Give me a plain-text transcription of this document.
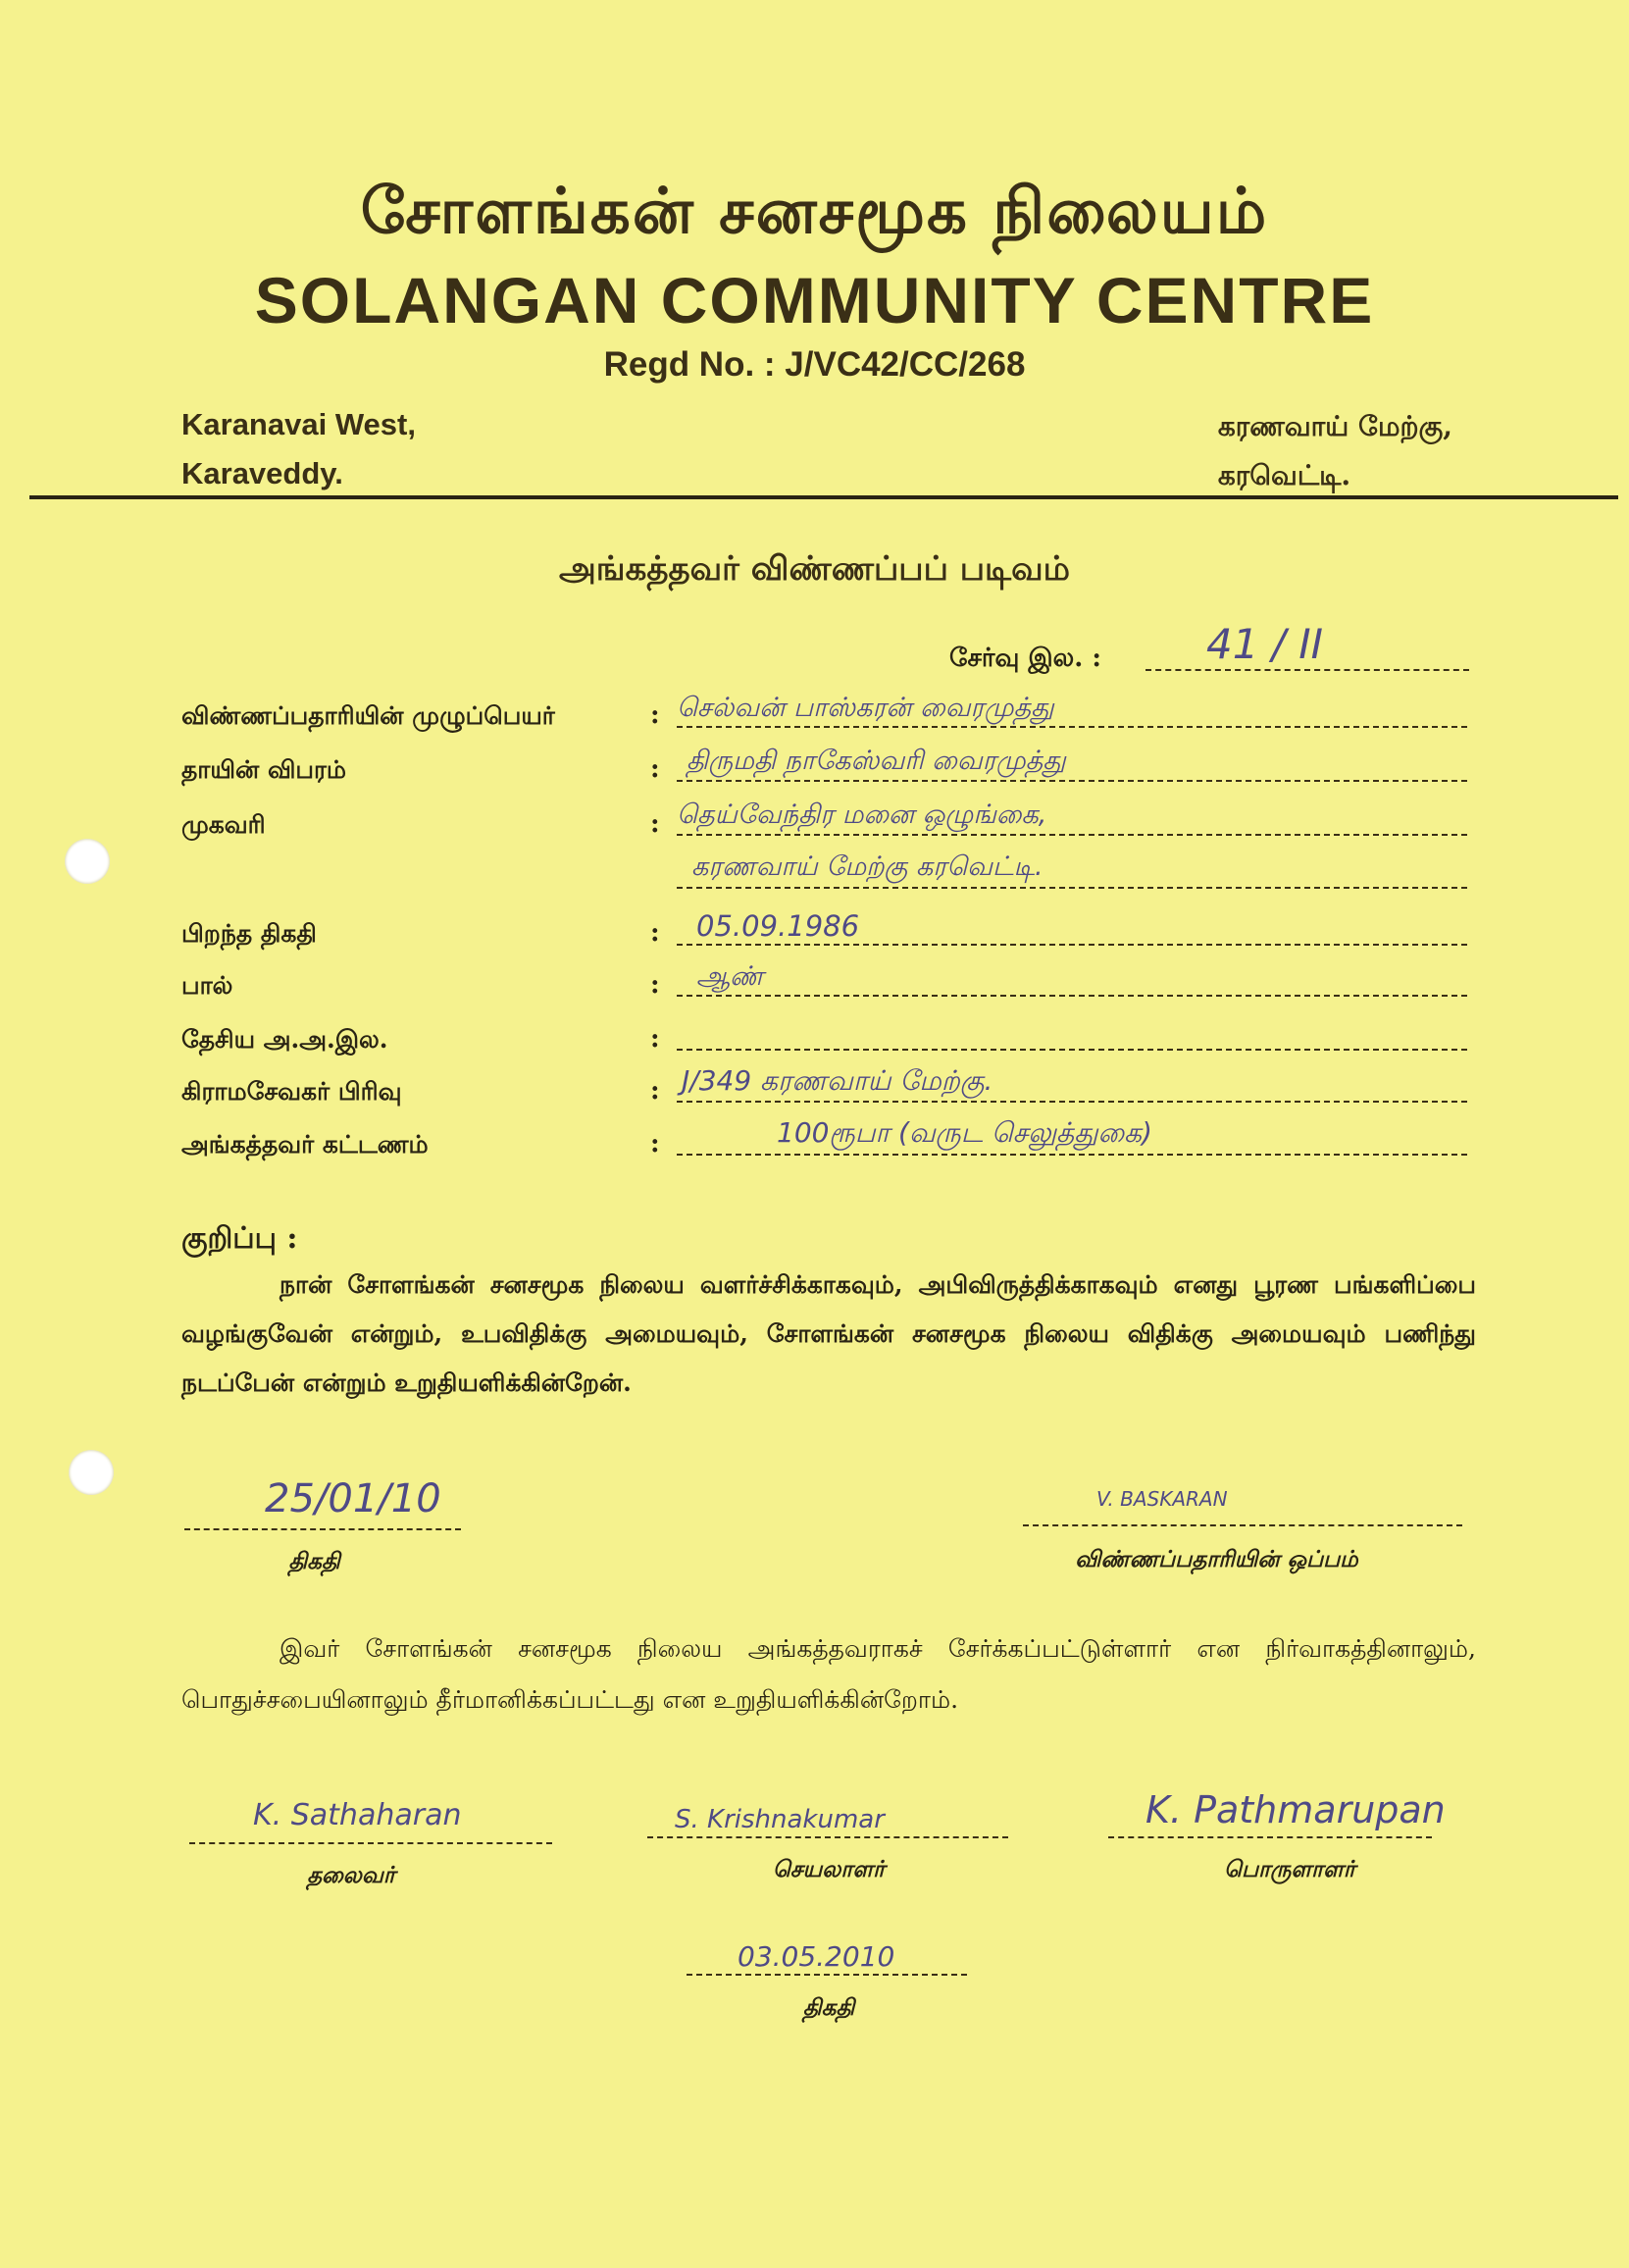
சோளங்கன் சனசமூக நிலையம்
SOLANGAN COMMUNITY CENTRE
Regd No. : J/VC42/CC/268
Karanavai West,
Karaveddy.
கரணவாய் மேற்கு,
கரவெட்டி.
அங்கத்தவர் விண்ணப்பப் படிவம்
சேர்வு இல. :	41 / II
விண்ணப்பதாரியின் முழுப்பெயர்	: செல்வன் பாஸ்கரன் வைரமுத்து
தாயின் விபரம்	: திருமதி நாகேஸ்வரி வைரமுத்து
முகவரி	: தெய்வேந்திர மனை ஒழுங்கை,
கரணவாய் மேற்கு கரவெட்டி.
பிறந்த திகதி	: 05.09.1986
பால்	: ஆண்
தேசிய அ.அ.இல.	:
கிராமசேவகர் பிரிவு	: J/349 கரணவாய் மேற்கு.
அங்கத்தவர் கட்டணம்	:	100ரூபா (வருட செலுத்துகை)
குறிப்பு :
நான் சோளங்கன் சனசமூக நிலைய வளர்ச்சிக்காகவும், அபிவிருத்திக்காகவும் எனது பூரண பங்களிப்பை வழங்குவேன் என்றும், உபவிதிக்கு அமையவும், சோளங்கன் சனசமூக நிலைய விதிக்கு அமையவும் பணிந்து நடப்பேன் என்றும் உறுதியளிக்கின்றேன்.
25/01/10
திகதி
V. BASKARAN
விண்ணப்பதாரியின் ஒப்பம்
இவர் சோளங்கன் சனசமூக நிலைய அங்கத்தவராகச் சேர்க்கப்பட்டுள்ளார் என நிர்வாகத்தினாலும், பொதுச்சபையினாலும் தீர்மானிக்கப்பட்டது என உறுதியளிக்கின்றோம்.
K. Sathaharan
தலைவர்
S. Krishnakumar
செயலாளர்
K. Pathmarupan
பொருளாளர்
03.05.2010
திகதி
